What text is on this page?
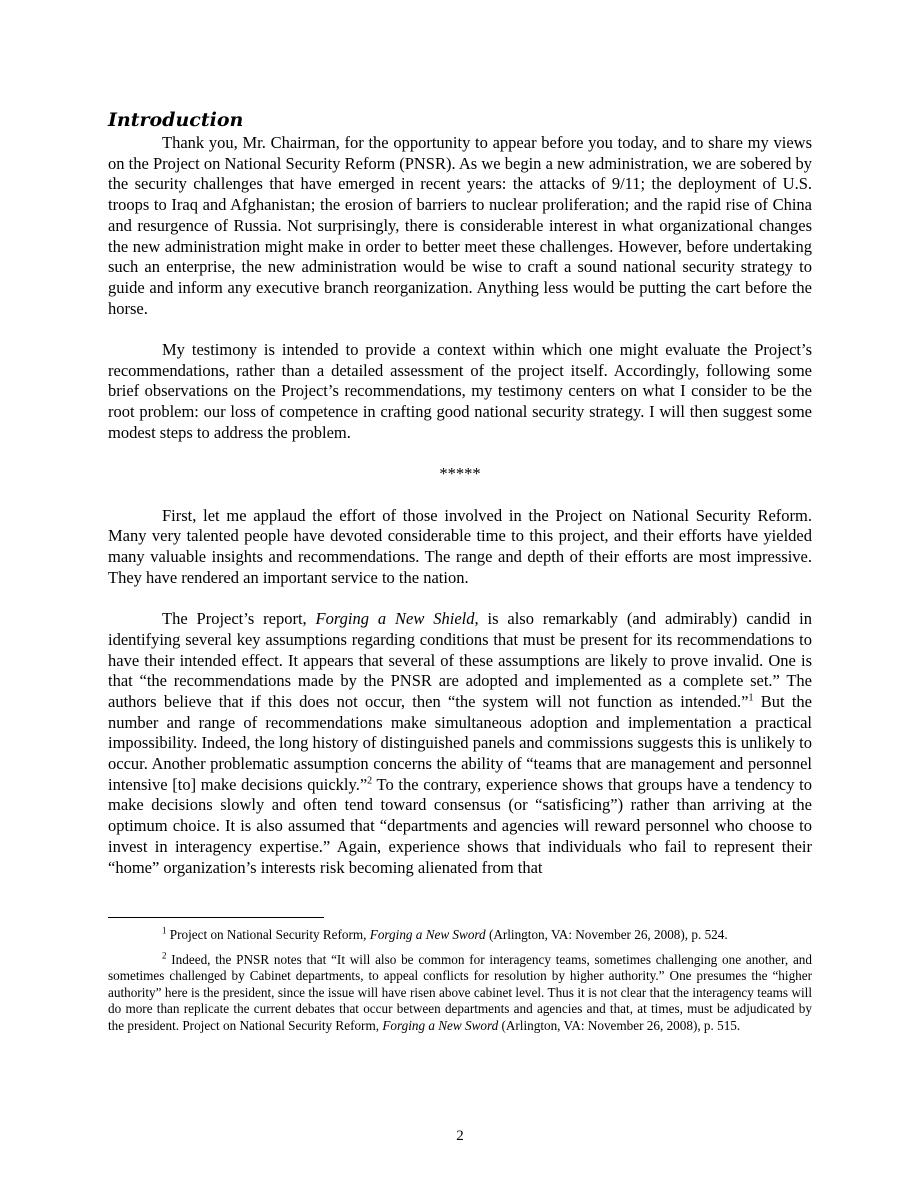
Introduction

Thank you, Mr. Chairman, for the opportunity to appear before you today, and to share my views on the Project on National Security Reform (PNSR). As we begin a new administration, we are sobered by the security challenges that have emerged in recent years: the attacks of 9/11; the deployment of U.S. troops to Iraq and Afghanistan; the erosion of barriers to nuclear proliferation; and the rapid rise of China and resurgence of Russia. Not surprisingly, there is considerable interest in what organizational changes the new administration might make in order to better meet these challenges. However, before undertaking such an enterprise, the new administration would be wise to craft a sound national security strategy to guide and inform any executive branch reorganization. Anything less would be putting the cart before the horse.

My testimony is intended to provide a context within which one might evaluate the Project’s recommendations, rather than a detailed assessment of the project itself. Accordingly, following some brief observations on the Project’s recommendations, my testimony centers on what I consider to be the root problem: our loss of competence in crafting good national security strategy. I will then suggest some modest steps to address the problem.

*****

First, let me applaud the effort of those involved in the Project on National Security Reform. Many very talented people have devoted considerable time to this project, and their efforts have yielded many valuable insights and recommendations. The range and depth of their efforts are most impressive. They have rendered an important service to the nation.

The Project’s report, Forging a New Shield, is also remarkably (and admirably) candid in identifying several key assumptions regarding conditions that must be present for its recommendations to have their intended effect. It appears that several of these assumptions are likely to prove invalid. One is that “the recommendations made by the PNSR are adopted and implemented as a complete set.” The authors believe that if this does not occur, then “the system will not function as intended.”$^1$ But the number and range of recommendations make simultaneous adoption and implementation a practical impossibility. Indeed, the long history of distinguished panels and commissions suggests this is unlikely to occur. Another problematic assumption concerns the ability of “teams that are management and personnel intensive [to] make decisions quickly.”$^2$ To the contrary, experience shows that groups have a tendency to make decisions slowly and often tend toward consensus (or “satisficing”) rather than arriving at the optimum choice. It is also assumed that “departments and agencies will reward personnel who choose to invest in interagency expertise.” Again, experience shows that individuals who fail to represent their “home” organization’s interests risk becoming alienated from that

$^1$ Project on National Security Reform, Forging a New Sword (Arlington, VA: November 26, 2008), p. 524.

$^2$ Indeed, the PNSR notes that “It will also be common for interagency teams, sometimes challenging one another, and sometimes challenged by Cabinet departments, to appeal conflicts for resolution by higher authority.” One presumes the “higher authority” here is the president, since the issue will have risen above cabinet level. Thus it is not clear that the interagency teams will do more than replicate the current debates that occur between departments and agencies and that, at times, must be adjudicated by the president. Project on National Security Reform, Forging a New Sword (Arlington, VA: November 26, 2008), p. 515.

2
